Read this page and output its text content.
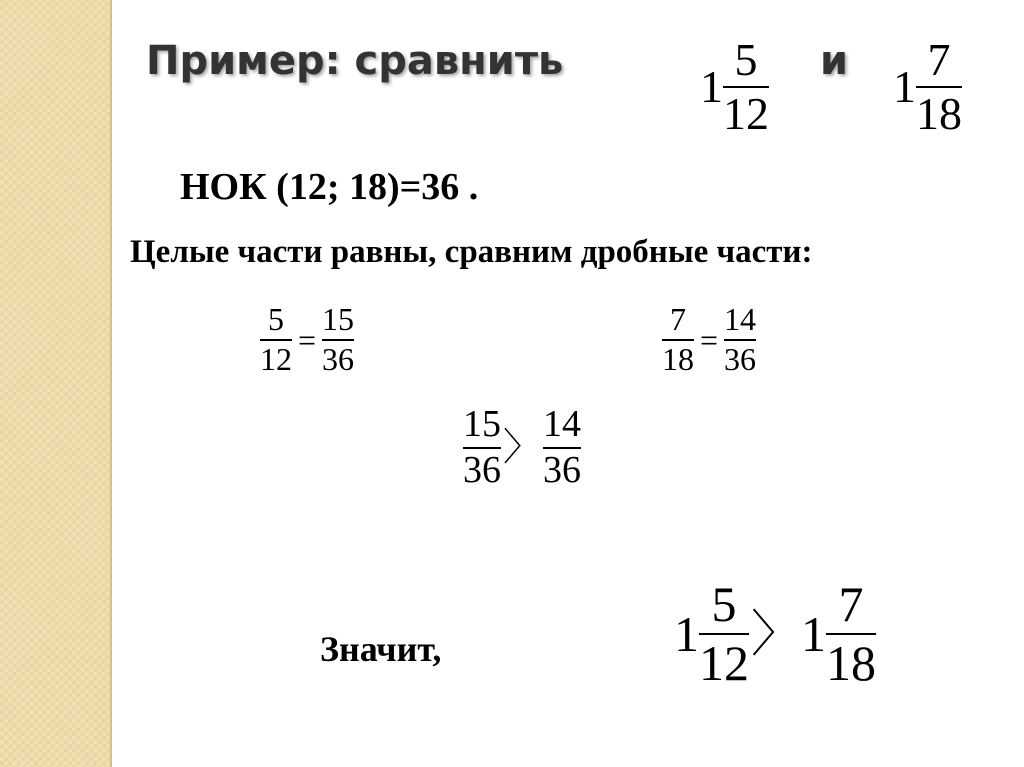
Пример: сравнить
$1 \frac{5}{12}$ и
$1 \frac{7}{18}$
НОК (12; 18)=36 .
Целые части равны, сравним дробные части:
$\frac{5}{12} = \frac{15}{36}$	$\frac{7}{18} = \frac{14}{36}$
$\frac{15}{36}$ 〉 $\frac{14}{36}$
Значит,	$1 \frac{5}{12}$ 〉 $1 \frac{7}{18}$
